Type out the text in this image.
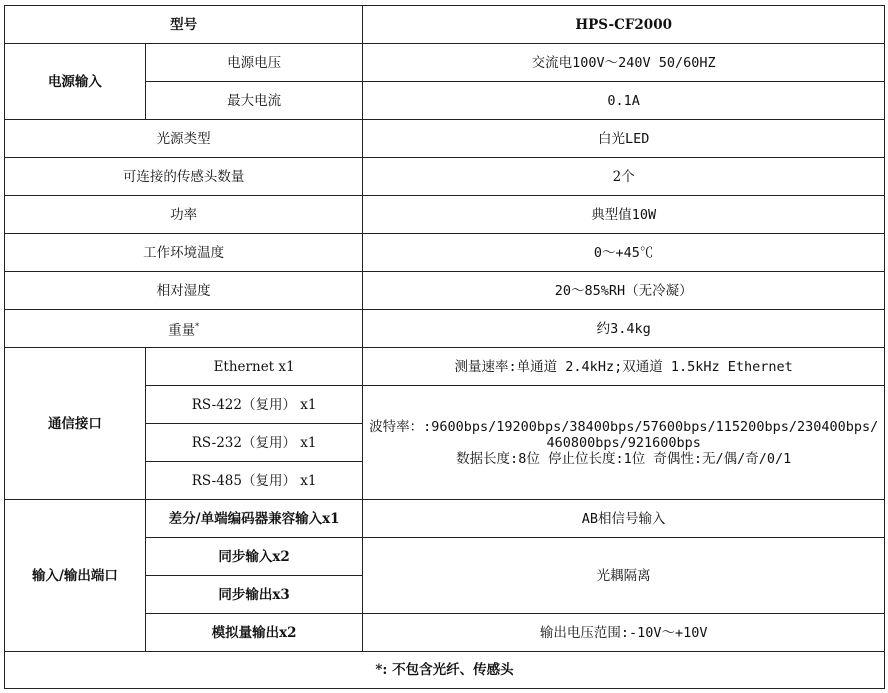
型号		HPS-CF2000
电源输入	电源电压	交流电100V～240V 50/60HZ
	最大电流	0.1A
光源类型		白光LED
可连接的传感头数量		2个
功率		典型值10W
工作环境温度		0～+45℃
相对湿度		20～85%RH（无冷凝）
重量*		约3.4kg
通信接口	Ethernet x1	测量速率:单通道 2.4kHz;双通道 1.5kHz Ethernet
	RS-422（复用） x1	波特率：:9600bps/19200bps/38400bps/57600bps/115200bps/230400bps/
460800bps/921600bps
数据长度:8位 停止位长度:1位 奇偶性:无/偶/奇/0/1

	RS-232（复用） x1	
	RS-485（复用） x1	
输入/输出端口	差分/单端编码器兼容输入x1	AB相信号输入
	同步输入x2	光耦隔离
	同步输出x3	
	模拟量输出x2	输出电压范围:-10V～+10V
*: 不包含光纤、传感头		
